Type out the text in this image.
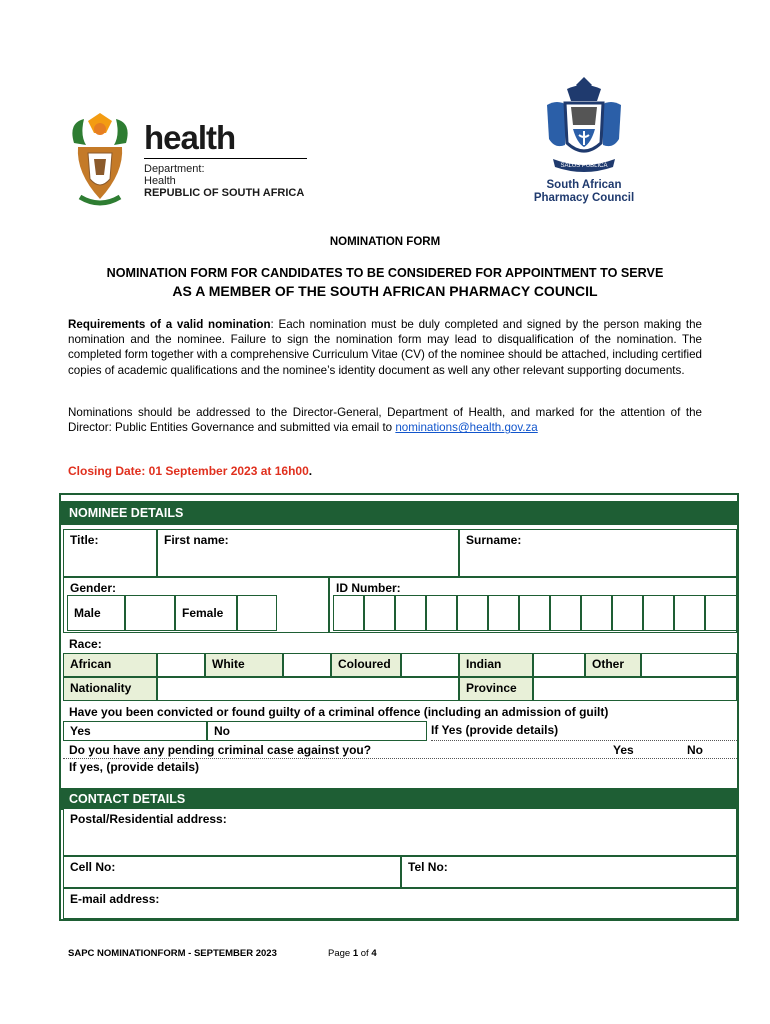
health
Department:
Health
REPUBLIC OF SOUTH AFRICA
SALUS PUBLICA
South African
Pharmacy Council
NOMINATION FORM
NOMINATION FORM FOR CANDIDATES TO BE CONSIDERED FOR APPOINTMENT TO SERVE
AS A MEMBER OF THE SOUTH AFRICAN PHARMACY COUNCIL
Requirements of a valid nomination: Each nomination must be duly completed and signed by the person making the nomination and the nominee. Failure to sign the nomination form may lead to disqualification of the nomination. The completed form together with a comprehensive Curriculum Vitae (CV) of the nominee should be attached, including certified copies of academic qualifications and the nominee’s identity document as well any other relevant supporting documents.
Nominations should be addressed to the Director-General, Department of Health, and marked for the attention of the Director: Public Entities Governance and submitted via email to nominations@health.gov.za
Closing Date: 01 September 2023 at 16h00.
NOMINEE DETAILS
Title:	First name:	Surname:
Gender:
Male	Female
ID Number:
Race:
African	White	Coloured	Indian	Other
Nationality	Province
Have you been convicted or found guilty of a criminal offence (including an admission of guilt)
Yes	No	If Yes (provide details)
Do you have any pending criminal case against you?	Yes	No
If yes, (provide details)
CONTACT DETAILS
Postal/Residential address:
Cell No:	Tel No:
E-mail address:
SAPC NOMINATIONFORM - SEPTEMBER 2023	Page 1 of 4
